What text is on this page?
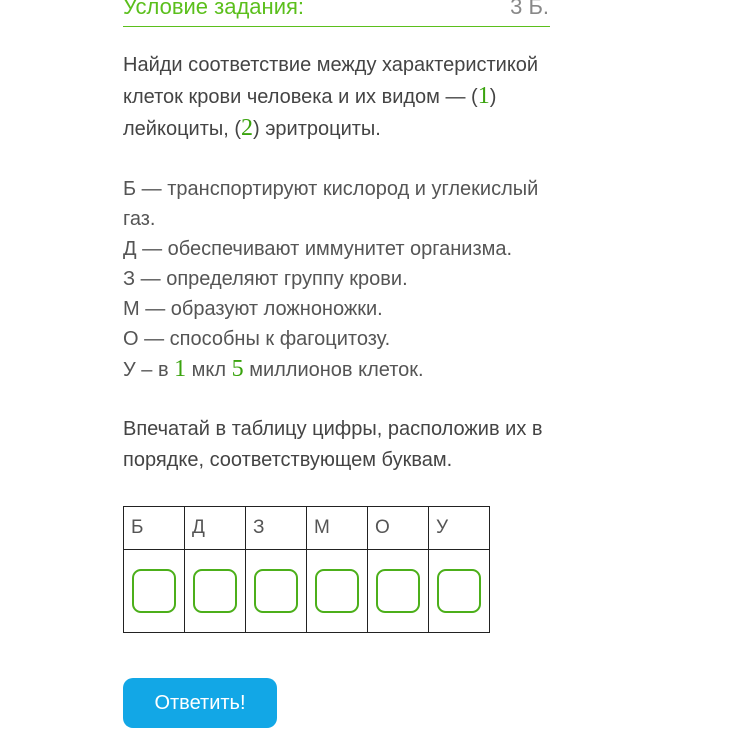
Условие задания:	3 Б.
Найди соответствие между характеристикой клеток крови человека и их видом — (1) лейкоциты, (2) эритроциты.
Б — транспортируют кислород и углекислый газ.
Д — обеспечивают иммунитет организма.
З — определяют группу крови.
М — образуют ложноножки.
О — способны к фагоцитозу.
У – в 1 мкл 5 миллионов клеток.
Впечатай в таблицу цифры, расположив их в порядке, соответствующем буквам.
Б	Д	З	М	О	У

Ответить!
